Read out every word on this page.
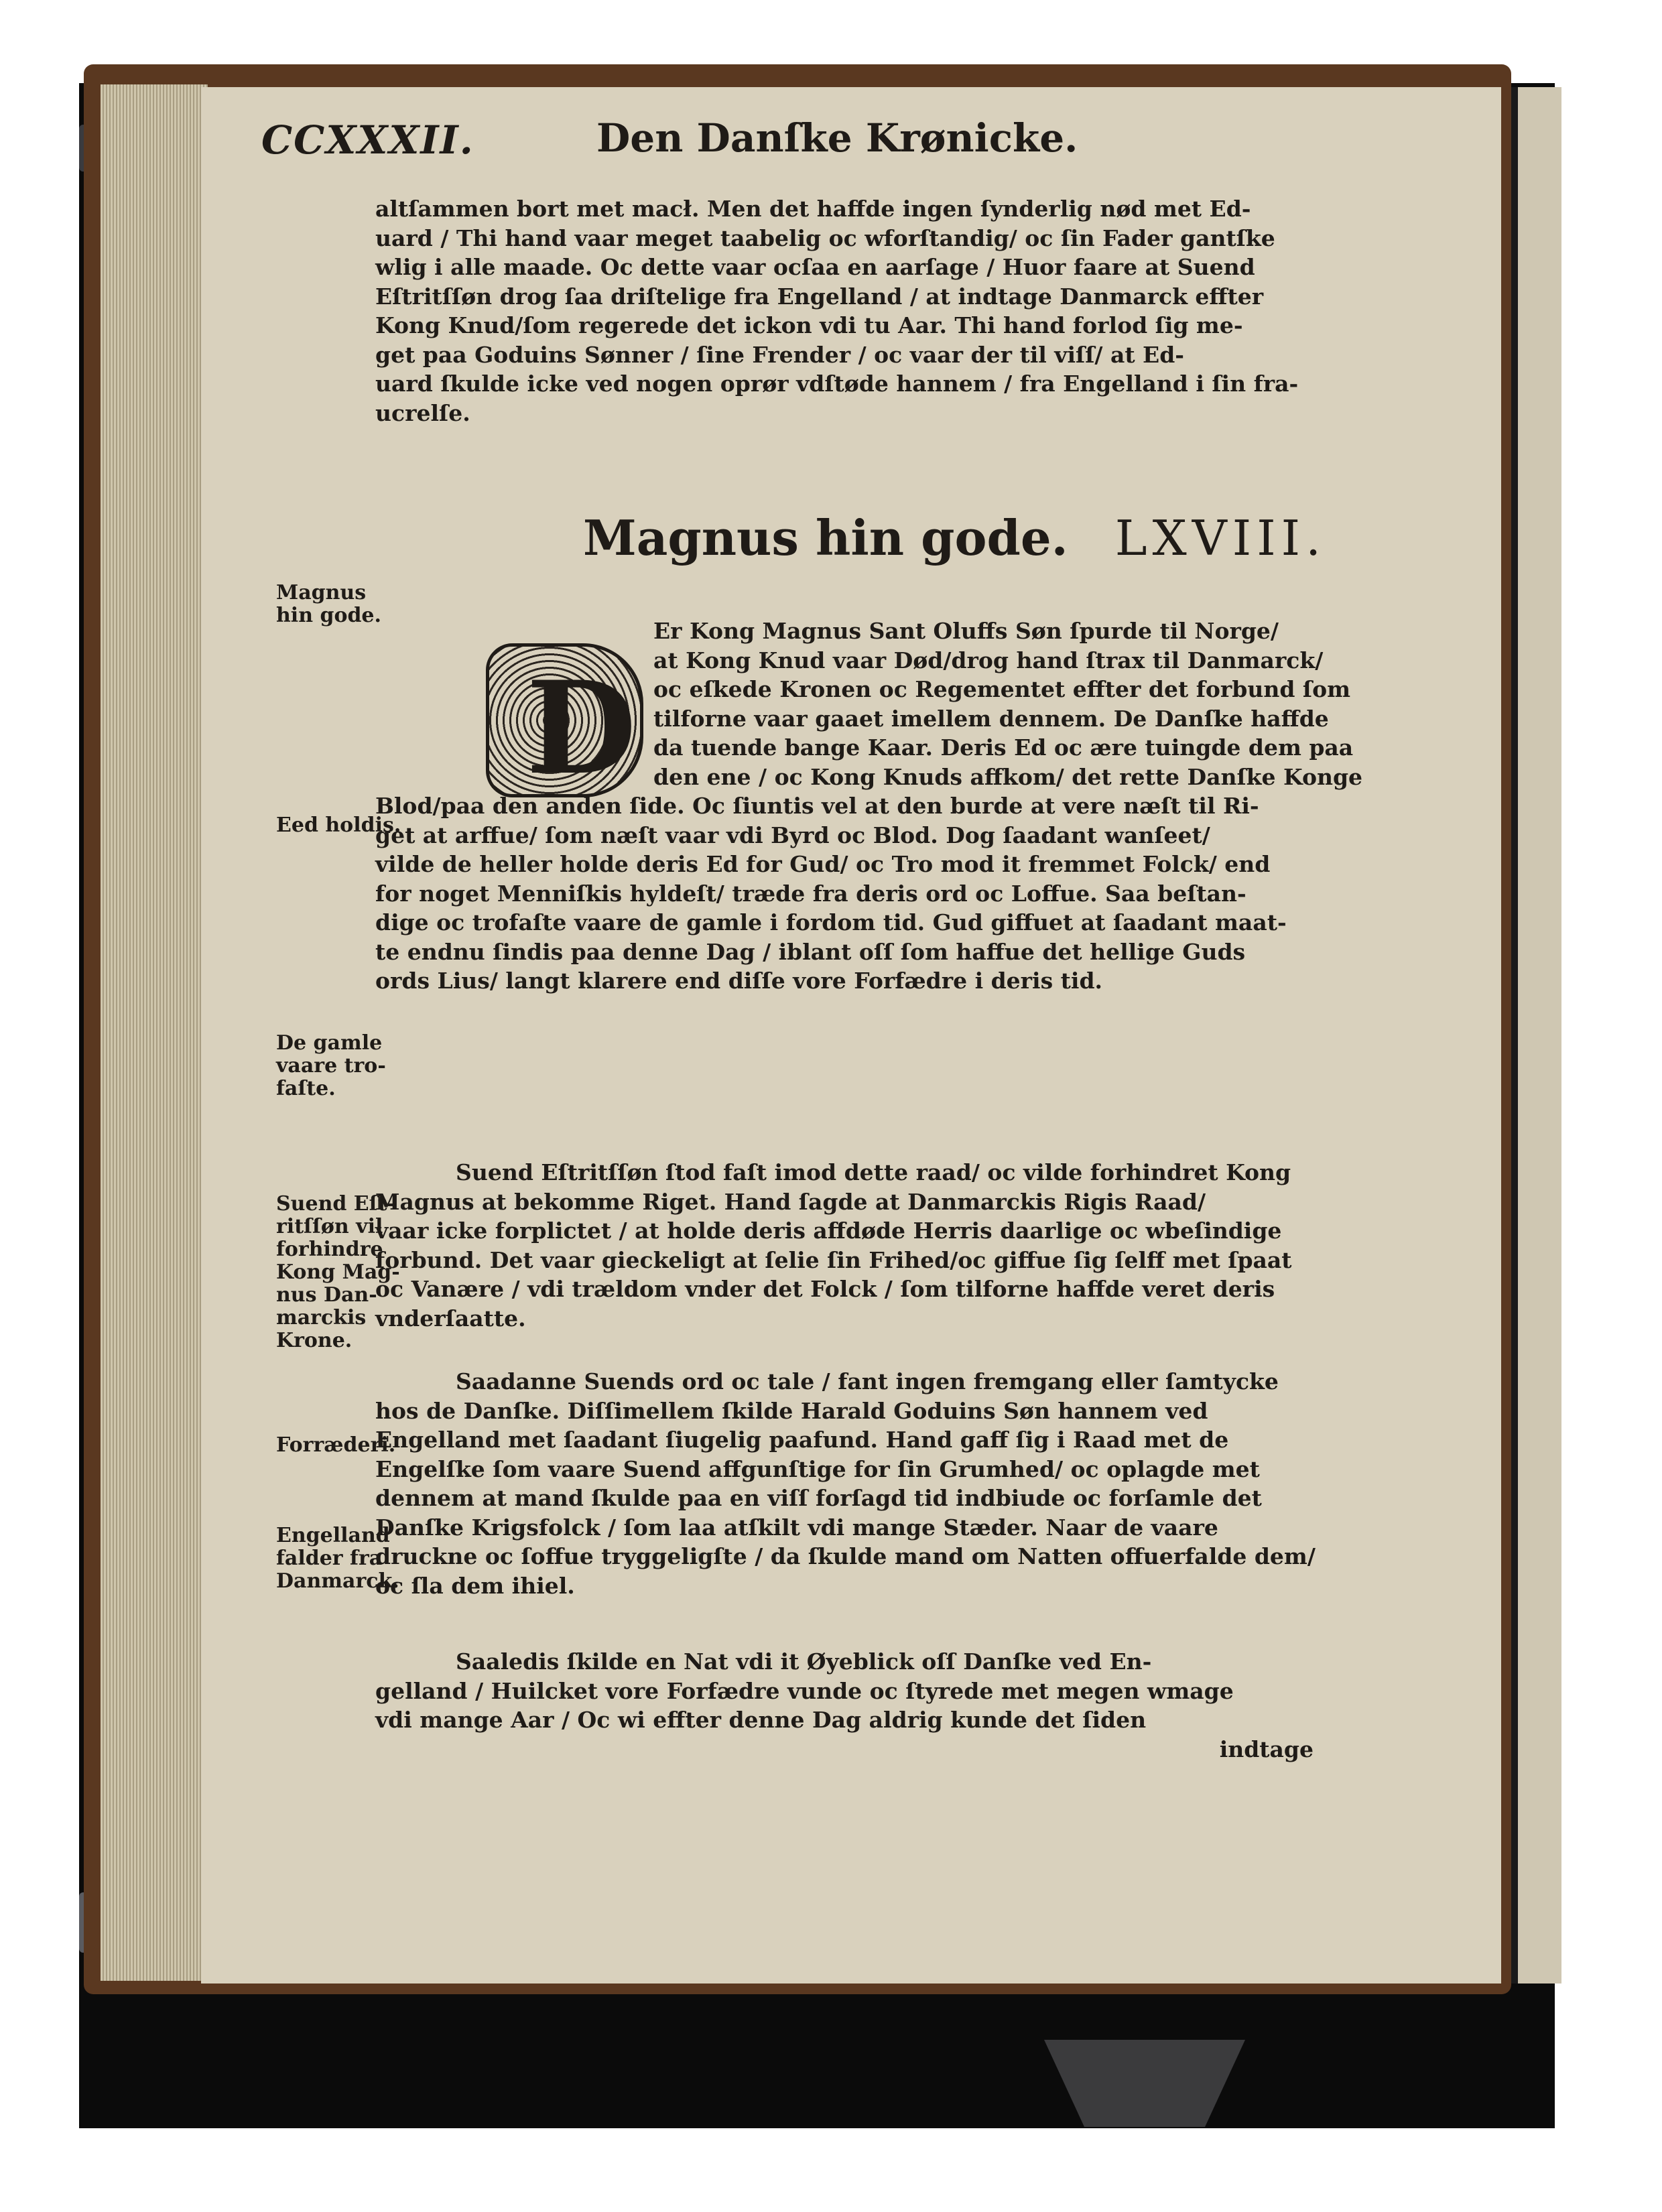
CCXXXII.	Den Danſke Krønicke.
altſammen bort met macł. Men det haffde ingen ſynderlig nød met Ed-
uard / Thi hand vaar meget taabelig oc wforſtandig/ oc ſin Fader gantſke
wlig i alle maade. Oc dette vaar ocſaa en aarſage / Huor faare at Suend
Eſtritſſøn drog ſaa driſtelige fra Engelland / at indtage Danmarck effter
Kong Knud/ſom regerede det ickon vdi tu Aar. Thi hand forlod ſig me-
get paa Goduins Sønner / ſine Frender / oc vaar der til viſſ/ at Ed-
uard ſkulde icke ved nogen oprør vdſtøde hannem / fra Engelland i ſin fra-
ucrelſe.
Magnus
hin gode.
Magnus hin gode. LXVIII.
D
Er Kong Magnus Sant Oluffs Søn ſpurde til Norge/
at Kong Knud vaar Død/drog hand ſtrax til Danmarck/
oc eſkede Kronen oc Regementet effter det forbund ſom
tilforne vaar gaaet imellem dennem. De Danſke haffde
da tuende bange Kaar. Deris Ed oc ære tuingde dem paa
den ene / oc Kong Knuds affkom/ det rette Danſke Konge
Eed holdis.
Blod/paa den anden ſide. Oc ſiuntis vel at den burde at vere næſt til Ri-
get at arffue/ ſom næſt vaar vdi Byrd oc Blod. Dog ſaadant wanſeet/
vilde de heller holde deris Ed for Gud/ oc Tro mod it fremmet Folck/ end
for noget Menniſkis hyldeſt/ træde fra deris ord oc Loffue. Saa beſtan-
dige oc trofaſte vaare de gamle i fordom tid. Gud giffuet at ſaadant maat-
te endnu ſindis paa denne Dag / iblant oſſ ſom haffue det hellige Guds
ords Lius/ langt klarere end diſſe vore Forfædre i deris tid.
De gamle
vaare tro-
faſte.
Suend Eſtritſſøn ſtod faſt imod dette raad/ oc vilde forhindret Kong
Magnus at bekomme Riget. Hand ſagde at Danmarckis Rigis Raad/
vaar icke forplictet / at holde deris affdøde Herris daarlige oc wbeſindige
forbund. Det vaar gieckeligt at ſelie ſin Frihed/oc giffue ſig ſelff met ſpaat
oc Vanære / vdi trældom vnder det Folck / ſom tilforne haffde veret deris
vnderſaatte.
Suend Eſt-
ritſſøn vil
forhindre
Kong Mag-
nus Dan-
marckis
Krone.
Saadanne Suends ord oc tale / fant ingen fremgang eller ſamtycke
hos de Danſke. Diſſimellem ſkilde Harald Goduins Søn hannem ved
Engelland met ſaadant ſiugelig paafund. Hand gaff ſig i Raad met de
Engelſke ſom vaare Suend affgunſtige for ſin Grumhed/ oc oplagde met
dennem at mand ſkulde paa en viſſ forſagd tid indbiude oc forſamle det
Danſke Krigsfolck / ſom laa atſkilt vdi mange Stæder. Naar de vaare
druckne oc ſoffue tryggeligſte / da ſkulde mand om Natten offuerfalde dem/
oc ſla dem ihiel.
Forræderi.
Engelland
falder fra
Danmarck.
Saaledis ſkilde en Nat vdi it Øyeblick oſſ Danſke ved En-
gelland / Huilcket vore Forfædre vunde oc ſtyrede met megen wmage
vdi mange Aar / Oc wi effter denne Dag aldrig kunde det ſiden
indtage
Early European Books, Copyright © 2010 ProQuest LLC.
Images reproduced by courtesy of the Royal Library, Copenhagen.
Vilh. Bruuns Samling (LN 1451 2° copy 5)
